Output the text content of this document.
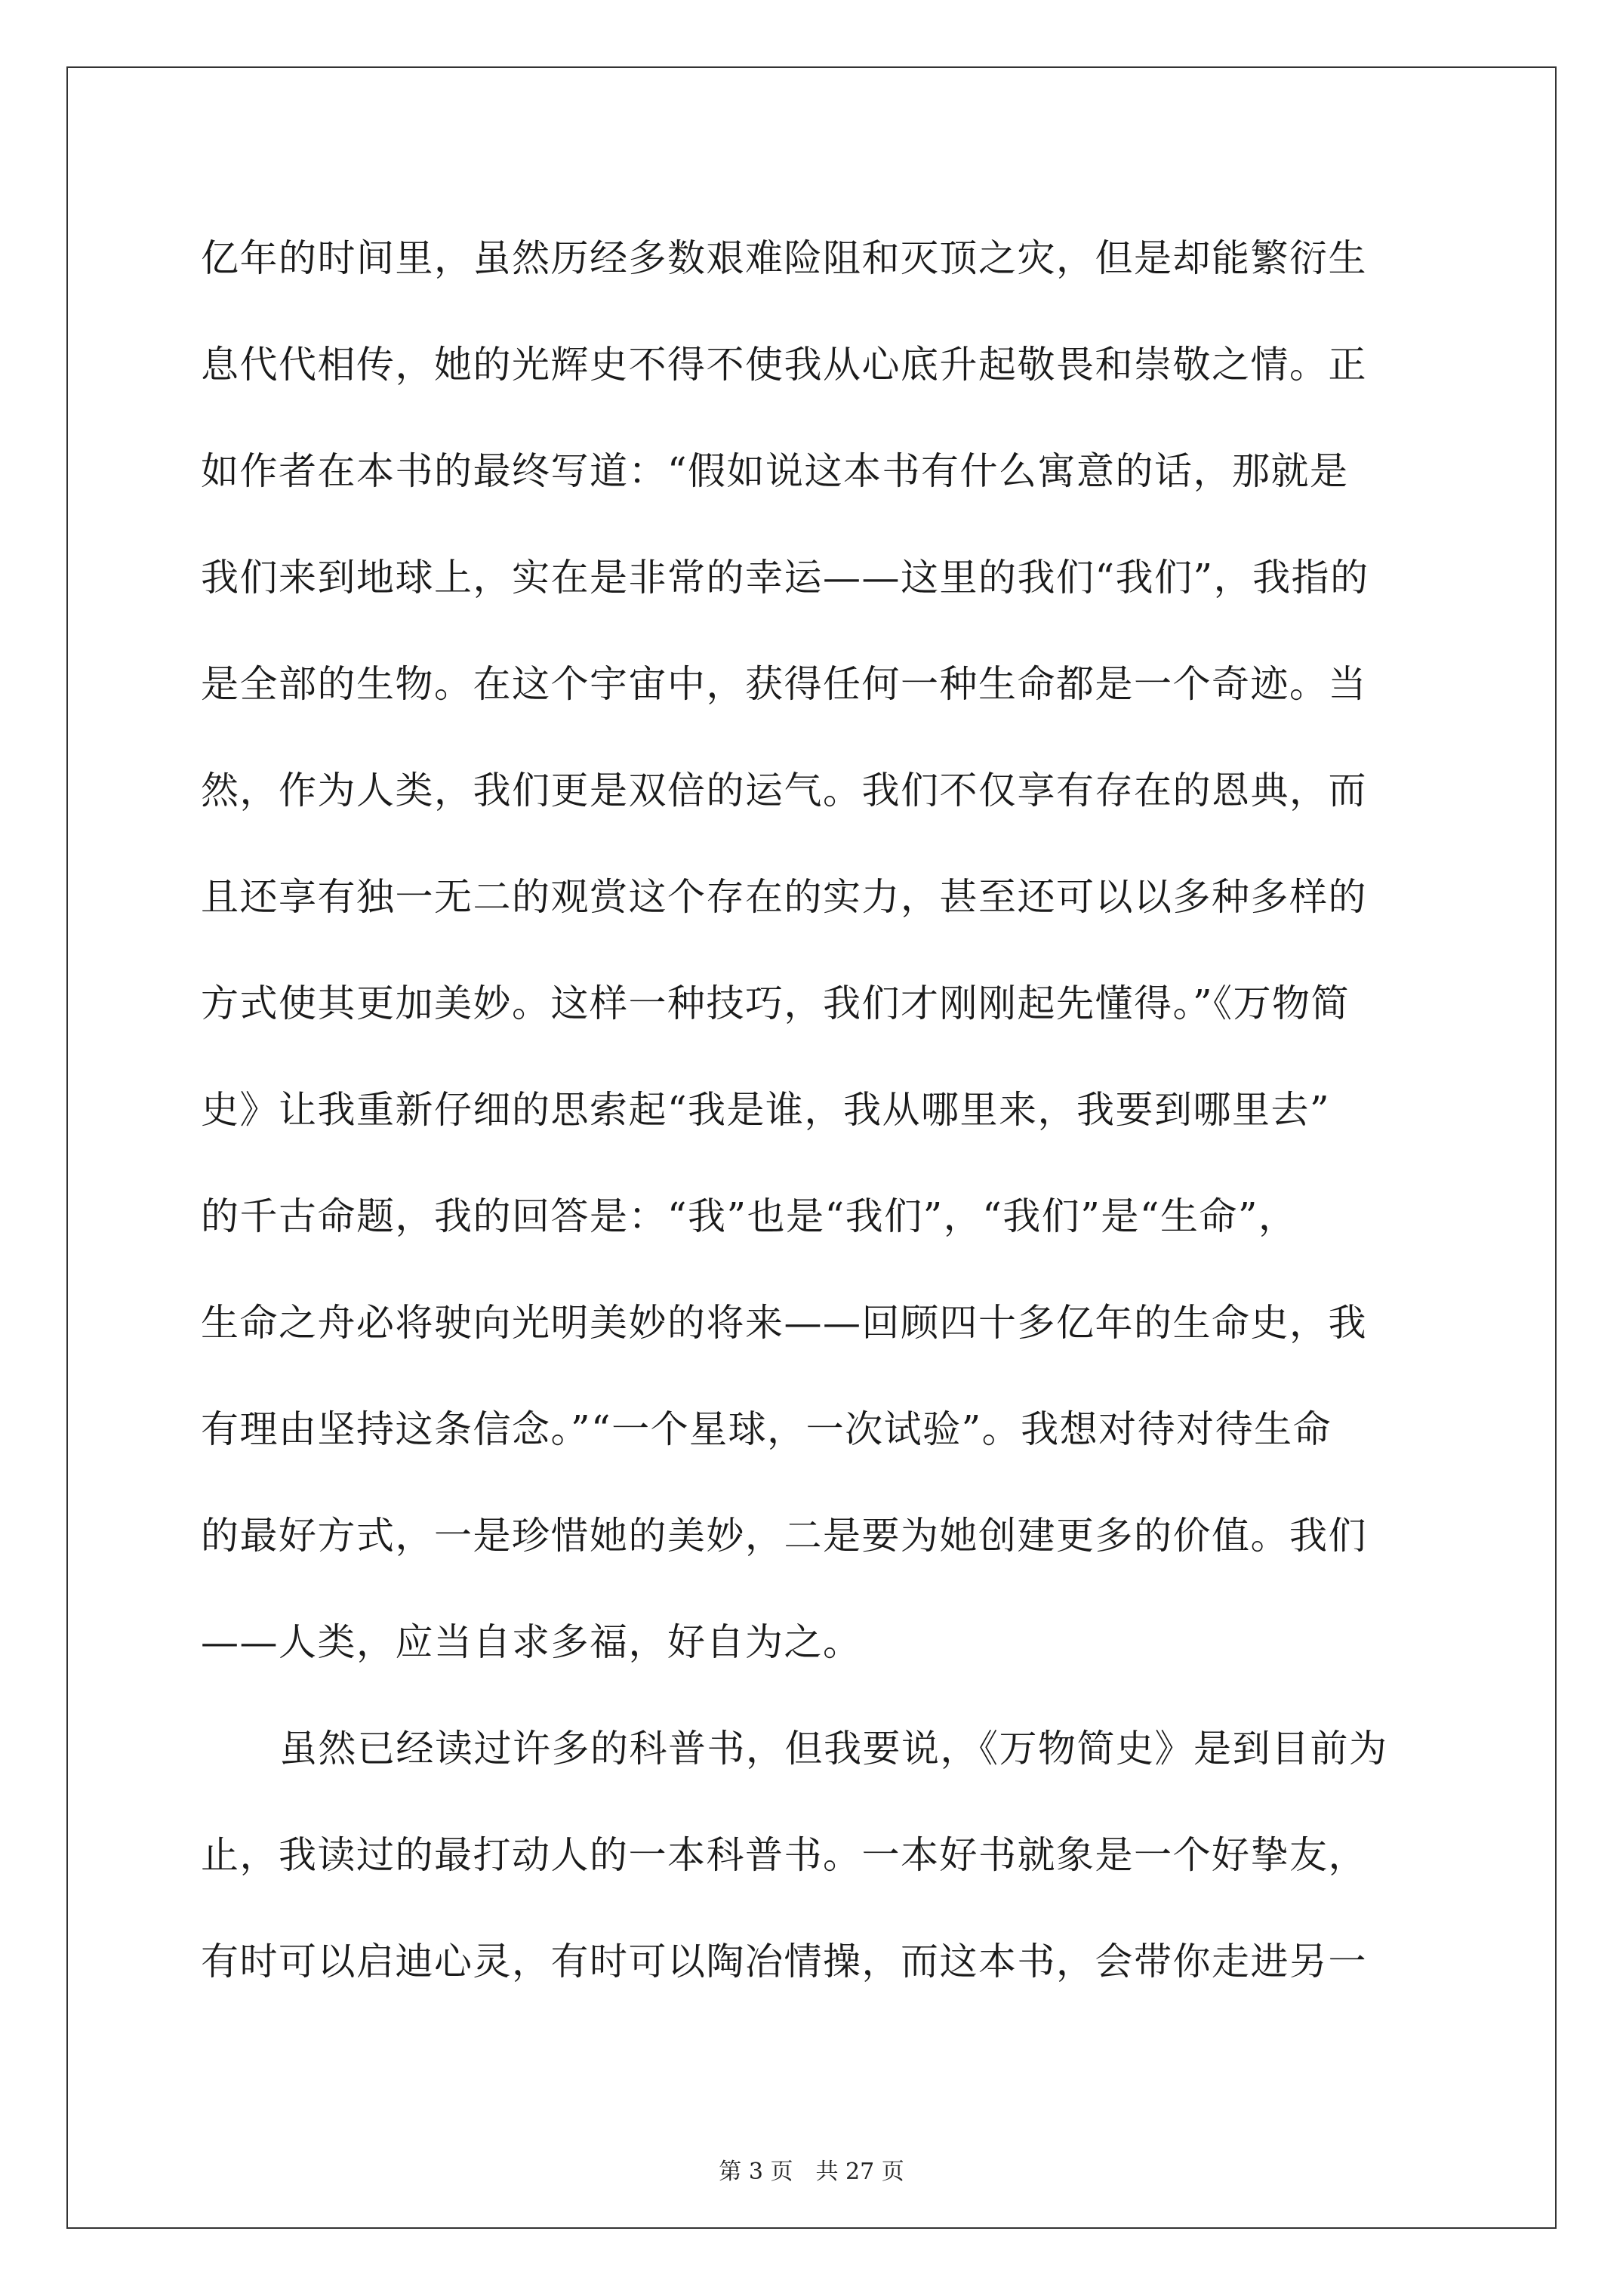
亿年的时间里，虽然历经多数艰难险阻和灭顶之灾，但是却能繁衍生
息代代相传，她的光辉史不得不使我从心底升起敬畏和崇敬之情。正
如作者在本书的最终写道：“假如说这本书有什么寓意的话，那就是
我们来到地球上，实在是非常的幸运——这里的我们“我们”，我指的
是全部的生物。在这个宇宙中，获得任何一种生命都是一个奇迹。当
然，作为人类，我们更是双倍的运气。我们不仅享有存在的恩典，而
且还享有独一无二的观赏这个存在的实力，甚至还可以以多种多样的
方式使其更加美妙。这样一种技巧，我们才刚刚起先懂得。”《万物简
史》让我重新仔细的思索起“我是谁，我从哪里来，我要到哪里去”
的千古命题，我的回答是：“我”也是“我们”，“我们”是“生命”，
生命之舟必将驶向光明美妙的将来——回顾四十多亿年的生命史，我
有理由坚持这条信念。”“一个星球，一次试验”。我想对待对待生命
的最好方式，一是珍惜她的美妙，二是要为她创建更多的价值。我们
——人类，应当自求多福，好自为之。
虽然已经读过许多的科普书，但我要说，《万物简史》是到目前为
止，我读过的最打动人的一本科普书。一本好书就象是一个好挚友，
有时可以启迪心灵，有时可以陶冶情操，而这本书，会带你走进另一
第 3 页　共 27 页
